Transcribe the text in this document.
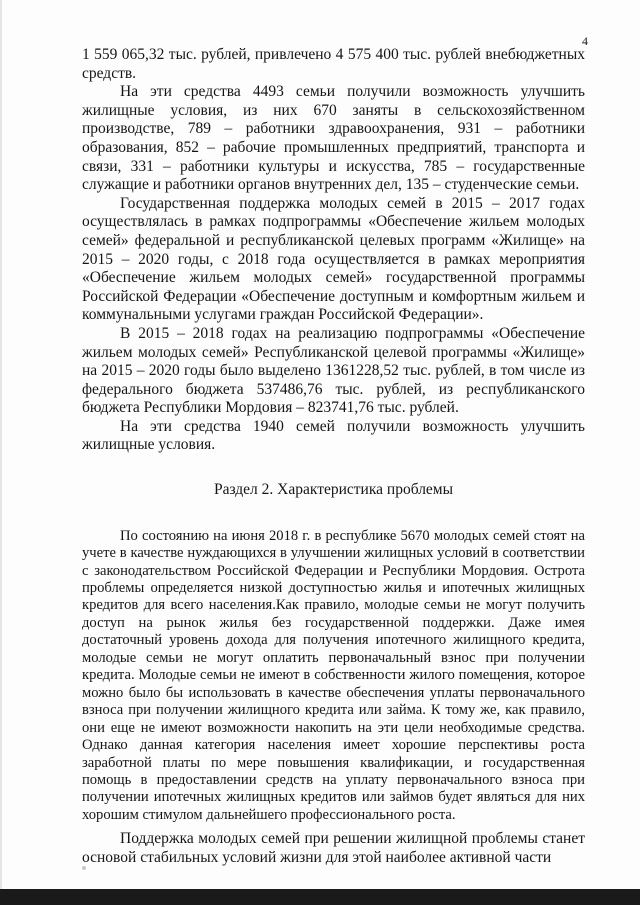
4

1 559 065,32 тыс. рублей, привлечено 4 575 400 тыс. рублей внебюджетных средств.

На эти средства 4493 семьи получили возможность улучшить жилищные условия, из них 670 заняты в сельскохозяйственном производстве, 789 – работники здравоохранения, 931 – работники образования, 852 – рабочие промышленных предприятий, транспорта и связи, 331 – работники культуры и искусства, 785 – государственные служащие и работники органов внутренних дел, 135 – студенческие семьи.

Государственная поддержка молодых семей в 2015 – 2017 годах осуществлялась в рамках подпрограммы «Обеспечение жильем молодых семей» федеральной и республиканской целевых программ «Жилище» на 2015 – 2020 годы, с 2018 года осуществляется в рамках мероприятия «Обеспечение жильем молодых семей» государственной программы Российской Федерации «Обеспечение доступным и комфортным жильем и коммунальными услугами граждан Российской Федерации».

В 2015 – 2018 годах на реализацию подпрограммы «Обеспечение жильем молодых семей» Республиканской целевой программы «Жилище» на 2015 – 2020 годы было выделено 1361228,52 тыс. рублей, в том числе из федерального бюджета 537486,76 тыс. рублей, из республиканского бюджета Республики Мордовия – 823741,76 тыс. рублей.

На эти средства 1940 семей получили возможность улучшить жилищные условия.

Раздел 2. Характеристика проблемы

По состоянию на июня 2018 г. в республике 5670 молодых семей стоят на учете в качестве нуждающихся в улучшении жилищных условий в соответствии с законодательством Российской Федерации и Республики Мордовия. Острота проблемы определяется низкой доступностью жилья и ипотечных жилищных кредитов для всего населения.Как правило, молодые семьи не могут получить доступ на рынок жилья без государственной поддержки. Даже имея достаточный уровень дохода для получения ипотечного жилищного кредита, молодые семьи не могут оплатить первоначальный взнос при получении кредита. Молодые семьи не имеют в собственности жилого помещения, которое можно было бы использовать в качестве обеспечения уплаты первоначального взноса при получении жилищного кредита или займа. К тому же, как правило, они еще не имеют возможности накопить на эти цели необходимые средства. Однако данная категория населения имеет хорошие перспективы роста заработной платы по мере повышения квалификации, и государственная помощь в предоставлении средств на уплату первоначального взноса при получении ипотечных жилищных кредитов или займов будет являться для них хорошим стимулом дальнейшего профессионального роста.

Поддержка молодых семей при решении жилищной проблемы станет основой стабильных условий жизни для этой наиболее активной части
